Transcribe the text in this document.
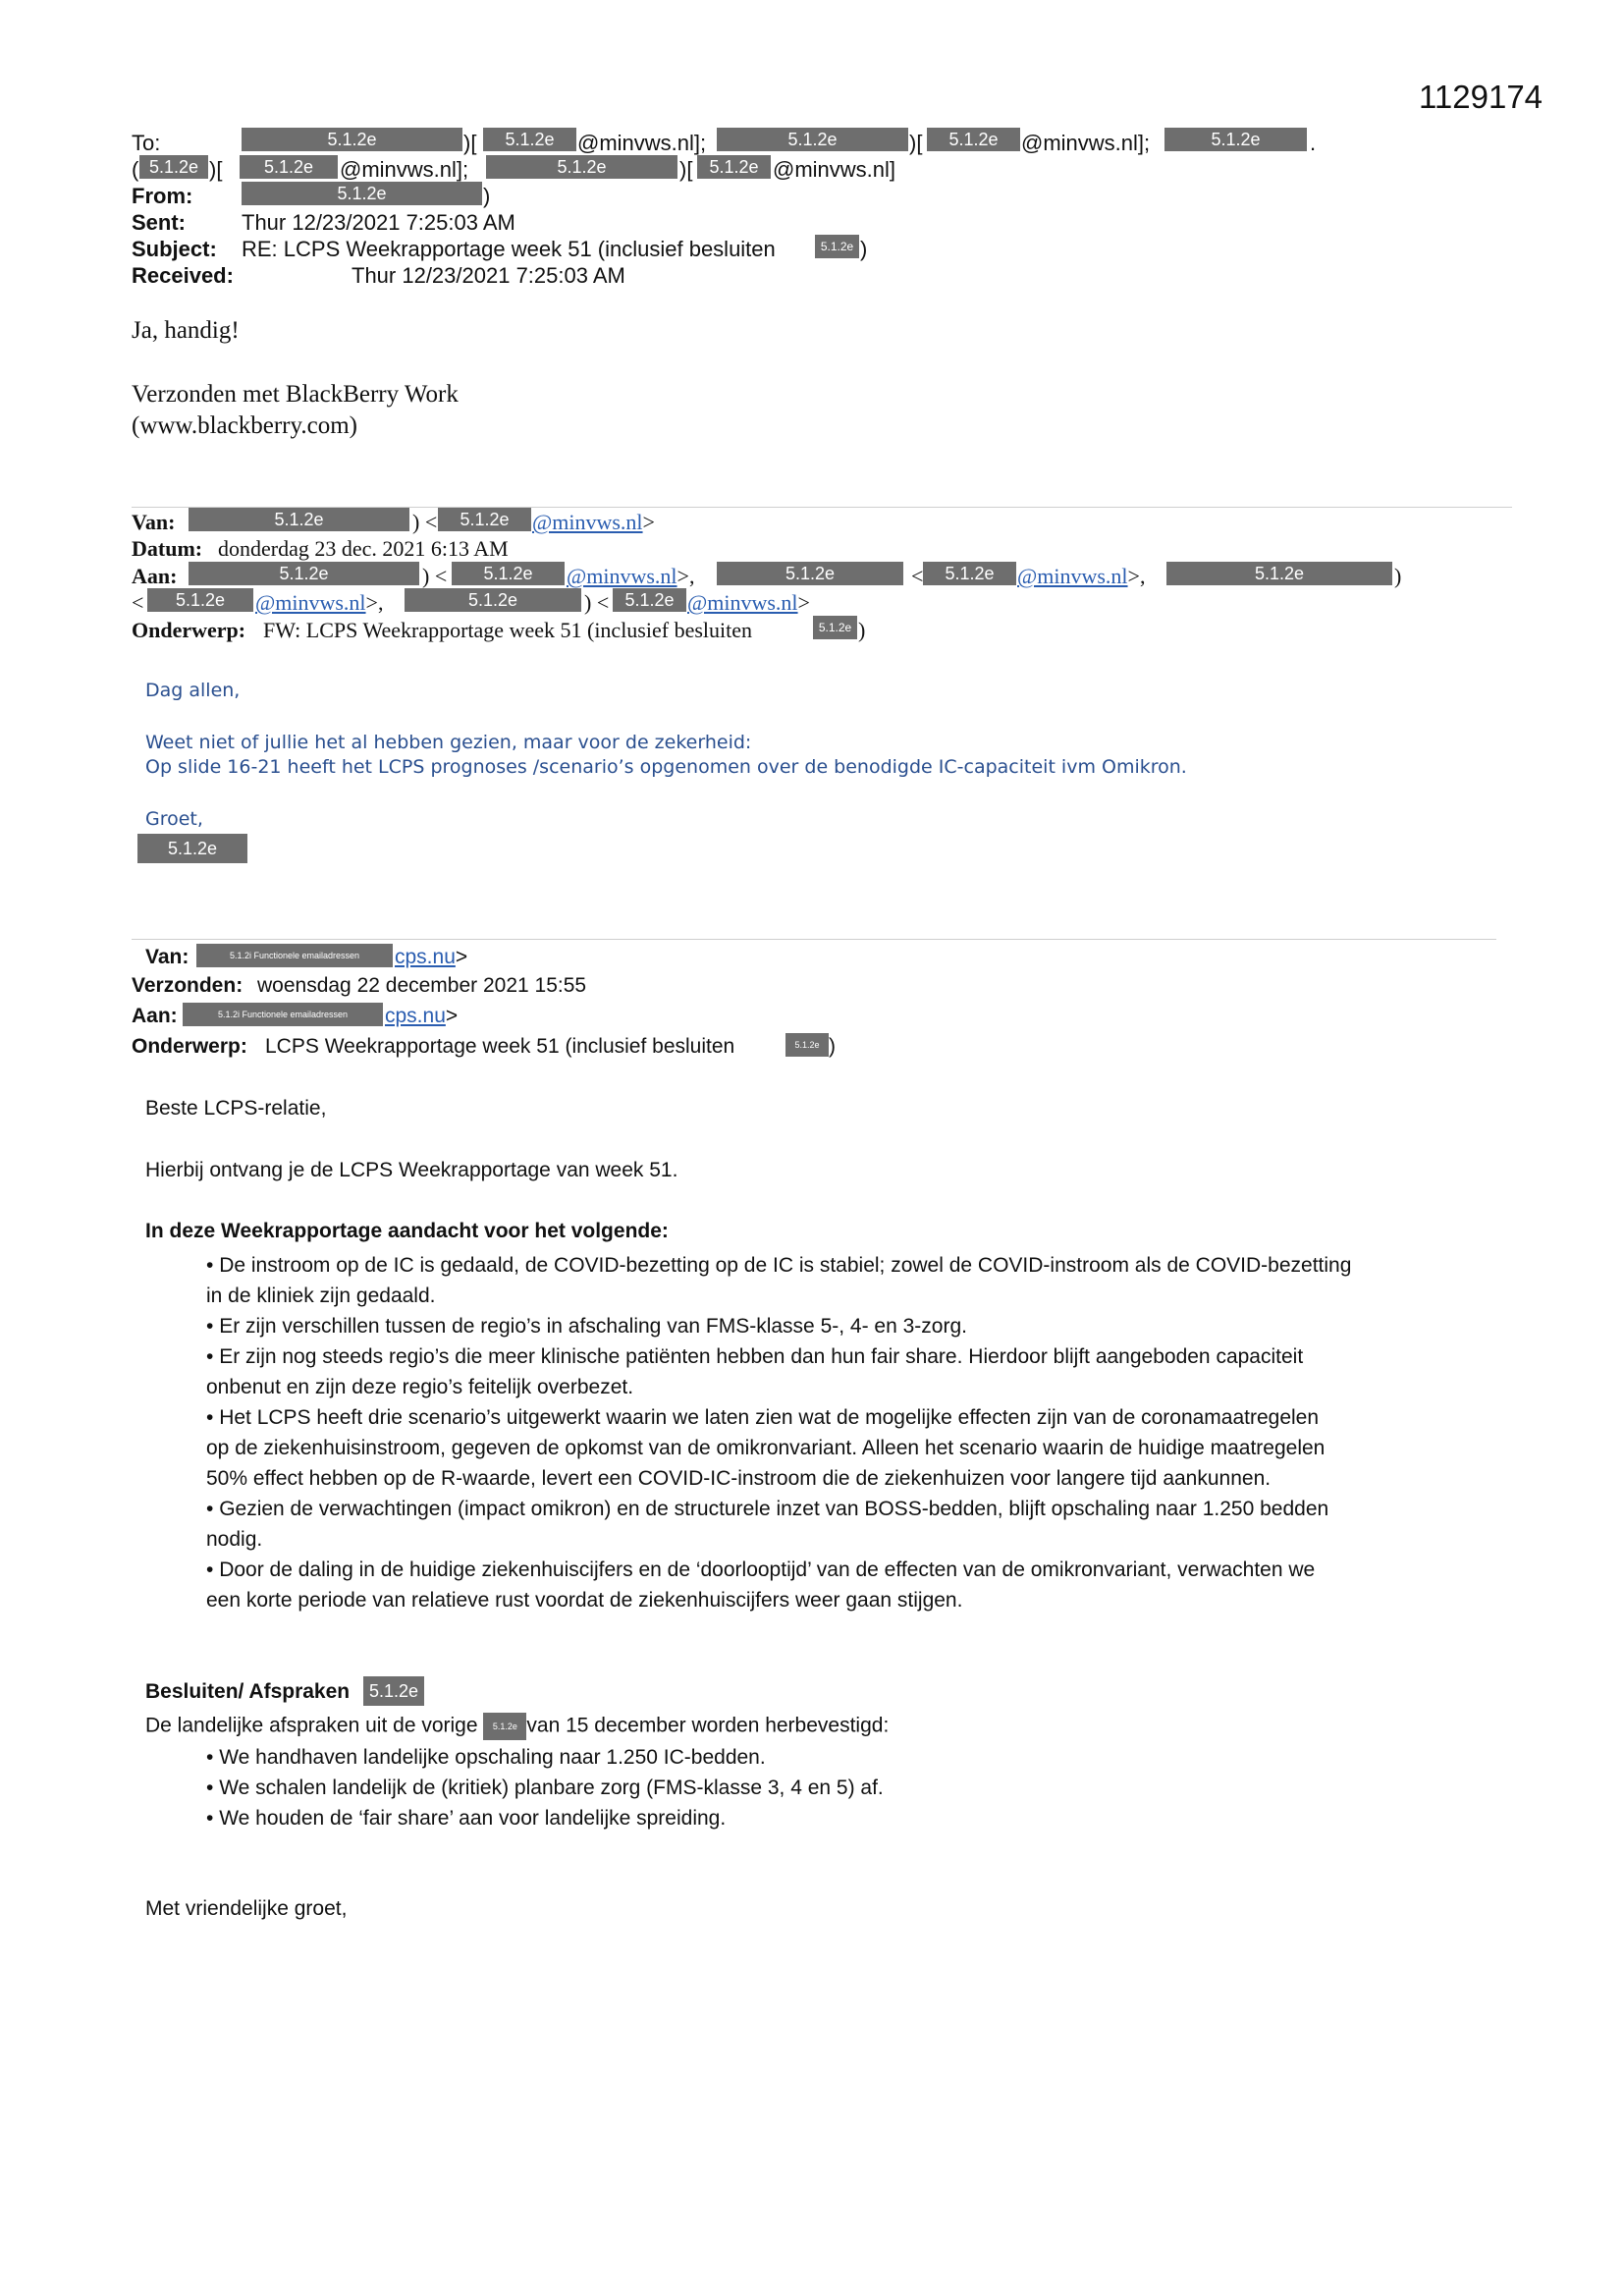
1129174
To:	5.1.2e	)[	5.1.2e	@minvws.nl];	5.1.2e	)[	5.1.2e	@minvws.nl];	5.1.2e	.
( 5.1.2e )[	5.1.2e	@minvws.nl];	5.1.2e	)[ 5.1.2e @minvws.nl]
From:	5.1.2e	)
Sent:	Thur 12/23/2021 7:25:03 AM
Subject: RE: LCPS Weekrapportage week 51 (inclusief besluiten	5.1.2e )
Received:	Thur 12/23/2021 7:25:03 AM
Ja, handig!
Verzonden met BlackBerry Work
(www.blackberry.com)
Van:	5.1.2e	) <	5.1.2e	@minvws.nl>
Datum: donderdag 23 dec. 2021 6:13 AM
Aan:	5.1.2e	) <	5.1.2e	@minvws.nl>,	5.1.2e	<	5.1.2e	@minvws.nl>,	5.1.2e	)
<	5.1.2e	@minvws.nl>,	5.1.2e	) < 5.1.2e @minvws.nl>
Onderwerp: FW: LCPS Weekrapportage week 51 (inclusief besluiten	5.1.2e )
Dag allen,
Weet niet of jullie het al hebben gezien, maar voor de zekerheid:
Op slide 16-21 heeft het LCPS prognoses /scenario’s opgenomen over de benodigde IC-capaciteit ivm Omikron.
Groet,
5.1.2e
Van:	5.1.2i Functionele emailadressen	cps.nu>
Verzonden: woensdag 22 december 2021 15:55
Aan:	5.1.2i Functionele emailadressen	cps.nu>
Onderwerp: LCPS Weekrapportage week 51 (inclusief besluiten	5.1.2e )
Beste LCPS-relatie,
Hierbij ontvang je de LCPS Weekrapportage van week 51.
In deze Weekrapportage aandacht voor het volgende:
• De instroom op de IC is gedaald, de COVID-bezetting op de IC is stabiel; zowel de COVID-instroom als de COVID-bezetting
in de kliniek zijn gedaald.
• Er zijn verschillen tussen de regio’s in afschaling van FMS-klasse 5-, 4- en 3-zorg.
• Er zijn nog steeds regio’s die meer klinische patiënten hebben dan hun fair share. Hierdoor blijft aangeboden capaciteit
onbenut en zijn deze regio’s feitelijk overbezet.
• Het LCPS heeft drie scenario’s uitgewerkt waarin we laten zien wat de mogelijke effecten zijn van de coronamaatregelen
op de ziekenhuisinstroom, gegeven de opkomst van de omikronvariant. Alleen het scenario waarin de huidige maatregelen
50% effect hebben op de R-waarde, levert een COVID-IC-instroom die de ziekenhuizen voor langere tijd aankunnen.
• Gezien de verwachtingen (impact omikron) en de structurele inzet van BOSS-bedden, blijft opschaling naar 1.250 bedden
nodig.
• Door de daling in de huidige ziekenhuiscijfers en de ‘doorlooptijd’ van de effecten van de omikronvariant, verwachten we
een korte periode van relatieve rust voordat de ziekenhuiscijfers weer gaan stijgen.
Besluiten/ Afspraken	5.1.2e
De landelijke afspraken uit de vorige 5.1.2e van 15 december worden herbevestigd:
• We handhaven landelijke opschaling naar 1.250 IC-bedden.
• We schalen landelijk de (kritiek) planbare zorg (FMS-klasse 3, 4 en 5) af.
• We houden de ‘fair share’ aan voor landelijke spreiding.
Met vriendelijke groet,
